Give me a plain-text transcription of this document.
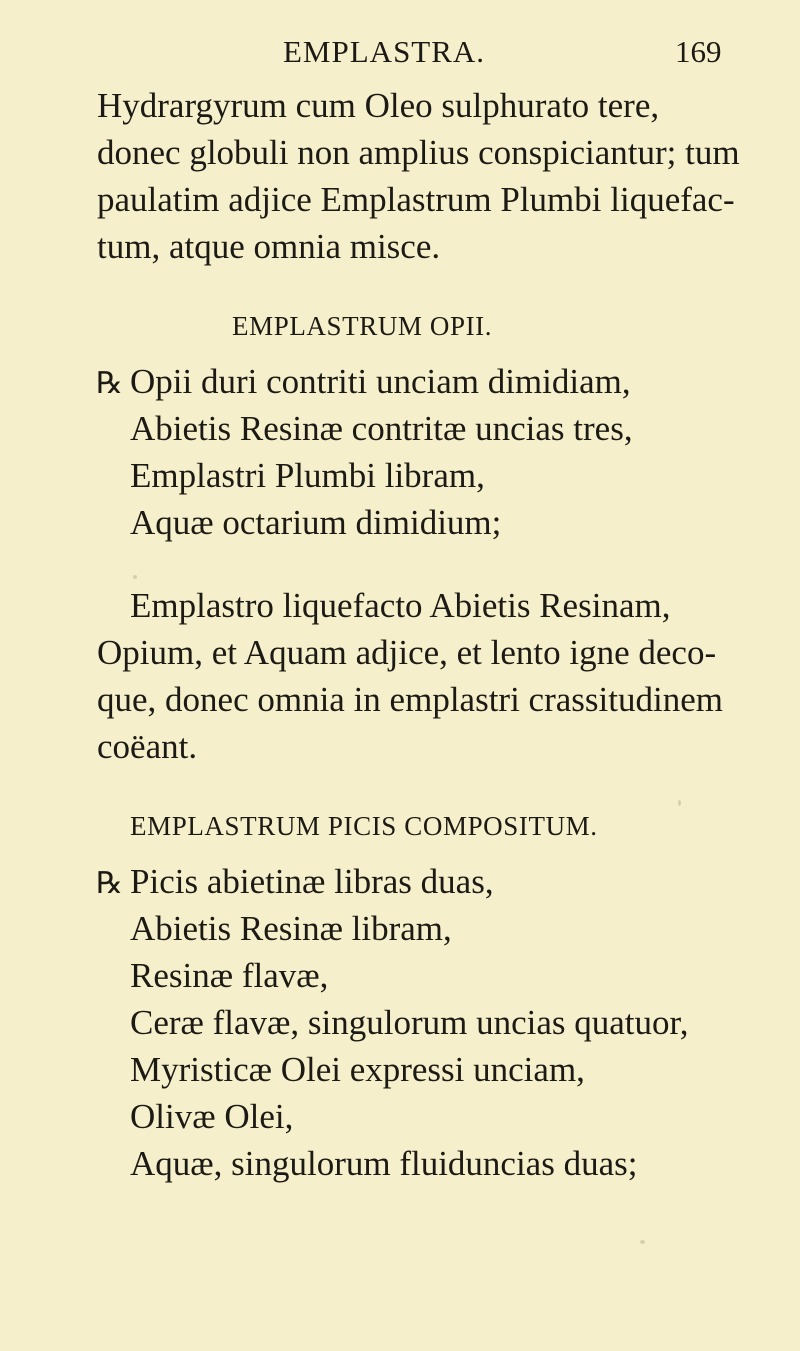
EMPLASTRA.	169
Hydrargyrum cum Oleo sulphurato tere,
donec globuli non amplius conspiciantur; tum
paulatim adjice Emplastrum Plumbi liquefac-
tum, atque omnia misce.
EMPLASTRUM OPII.
℞ Opii duri contriti unciam dimidiam,
Abietis Resinæ contritæ uncias tres,
Emplastri Plumbi libram,
Aquæ octarium dimidium;
Emplastro liquefacto Abietis Resinam,
Opium, et Aquam adjice, et lento igne deco-
que, donec omnia in emplastri crassitudinem
coëant.
EMPLASTRUM PICIS COMPOSITUM.
℞ Picis abietinæ libras duas,
Abietis Resinæ libram,
Resinæ flavæ,
Ceræ flavæ, singulorum uncias quatuor,
Myristicæ Olei expressi unciam,
Olivæ Olei,
Aquæ, singulorum fluiduncias duas;
